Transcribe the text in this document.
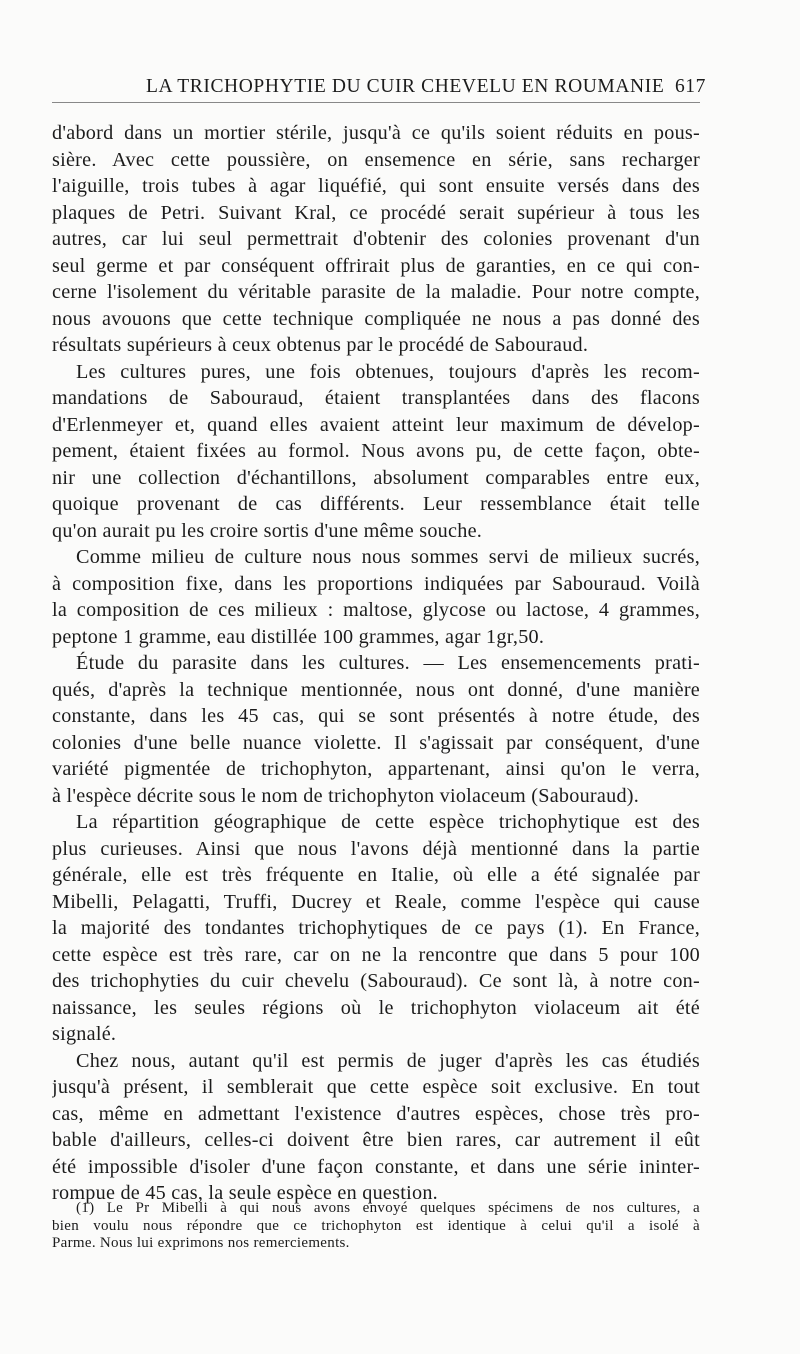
LA TRICHOPHYTIE DU CUIR CHEVELU EN ROUMANIE 617
d'abord dans un mortier stérile, jusqu'à ce qu'ils soient réduits en pous-
sière. Avec cette poussière, on ensemence en série, sans recharger
l'aiguille, trois tubes à agar liquéfié, qui sont ensuite versés dans des
plaques de Petri. Suivant Kral, ce procédé serait supérieur à tous les
autres, car lui seul permettrait d'obtenir des colonies provenant d'un
seul germe et par conséquent offrirait plus de garanties, en ce qui con-
cerne l'isolement du véritable parasite de la maladie. Pour notre compte,
nous avouons que cette technique compliquée ne nous a pas donné des
résultats supérieurs à ceux obtenus par le procédé de Sabouraud.
Les cultures pures, une fois obtenues, toujours d'après les recom-
mandations de Sabouraud, étaient transplantées dans des flacons
d'Erlenmeyer et, quand elles avaient atteint leur maximum de dévelop-
pement, étaient fixées au formol. Nous avons pu, de cette façon, obte-
nir une collection d'échantillons, absolument comparables entre eux,
quoique provenant de cas différents. Leur ressemblance était telle
qu'on aurait pu les croire sortis d'une même souche.
Comme milieu de culture nous nous sommes servi de milieux sucrés,
à composition fixe, dans les proportions indiquées par Sabouraud. Voilà
la composition de ces milieux : maltose, glycose ou lactose, 4 grammes,
peptone 1 gramme, eau distillée 100 grammes, agar 1gr,50.
Étude du parasite dans les cultures. — Les ensemencements prati-
qués, d'après la technique mentionnée, nous ont donné, d'une manière
constante, dans les 45 cas, qui se sont présentés à notre étude, des
colonies d'une belle nuance violette. Il s'agissait par conséquent, d'une
variété pigmentée de trichophyton, appartenant, ainsi qu'on le verra,
à l'espèce décrite sous le nom de trichophyton violaceum (Sabouraud).
La répartition géographique de cette espèce trichophytique est des
plus curieuses. Ainsi que nous l'avons déjà mentionné dans la partie
générale, elle est très fréquente en Italie, où elle a été signalée par
Mibelli, Pelagatti, Truffi, Ducrey et Reale, comme l'espèce qui cause
la majorité des tondantes trichophytiques de ce pays (1). En France,
cette espèce est très rare, car on ne la rencontre que dans 5 pour 100
des trichophyties du cuir chevelu (Sabouraud). Ce sont là, à notre con-
naissance, les seules régions où le trichophyton violaceum ait été
signalé.
Chez nous, autant qu'il est permis de juger d'après les cas étudiés
jusqu'à présent, il semblerait que cette espèce soit exclusive. En tout
cas, même en admettant l'existence d'autres espèces, chose très pro-
bable d'ailleurs, celles-ci doivent être bien rares, car autrement il eût
été impossible d'isoler d'une façon constante, et dans une série ininter-
rompue de 45 cas, la seule espèce en question.
(1) Le Pr Mibelli à qui nous avons envoyé quelques spécimens de nos cultures, a
bien voulu nous répondre que ce trichophyton est identique à celui qu'il a isolé à
Parme. Nous lui exprimons nos remerciements.
